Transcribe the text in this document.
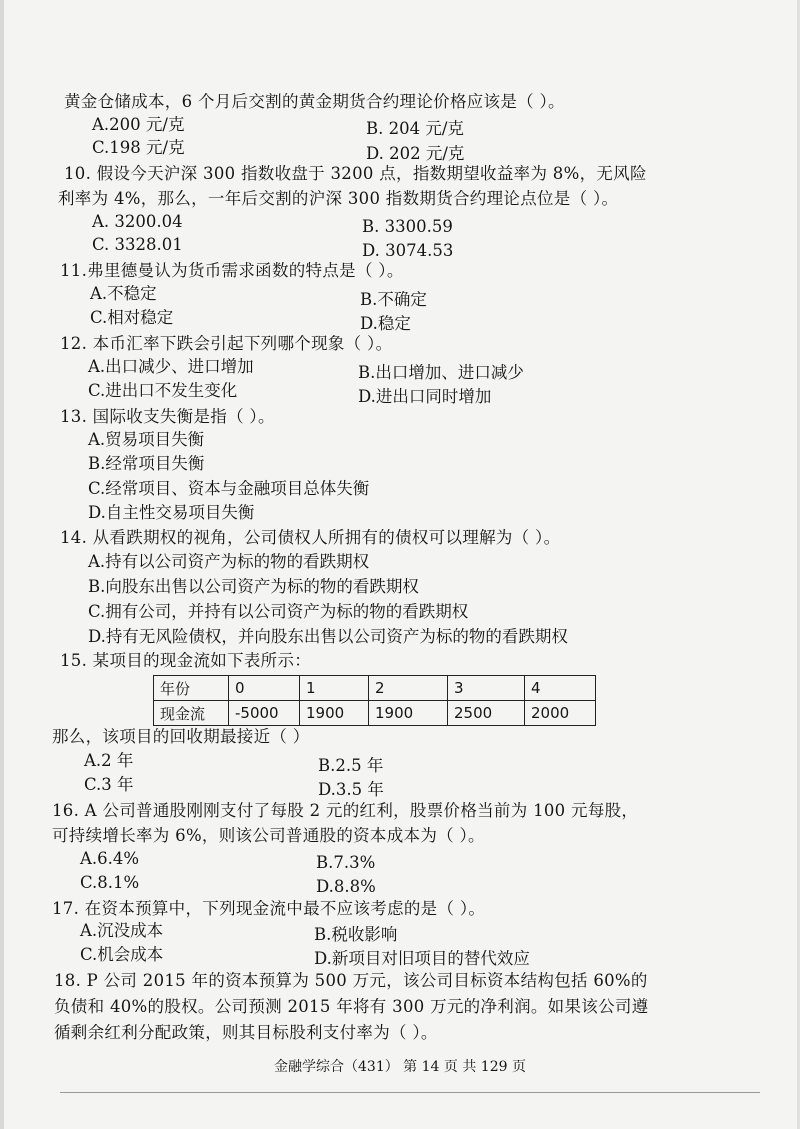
黄金仓储成本，6 个月后交割的黄金期货合约理论价格应该是（ ）。
A.200 元/克	B. 204 元/克
C.198 元/克	D. 202 元/克
10. 假设今天沪深 300 指数收盘于 3200 点，指数期望收益率为 8%，无风险
利率为 4%，那么，一年后交割的沪深 300 指数期货合约理论点位是（ ）。
A. 3200.04	B. 3300.59
C. 3328.01	D. 3074.53
11.弗里德曼认为货币需求函数的特点是（ ）。
A.不稳定	B.不确定
C.相对稳定	D.稳定
12. 本币汇率下跌会引起下列哪个现象（ ）。
A.出口减少、进口增加	B.出口增加、进口减少
C.进出口不发生变化	D.进出口同时增加
13. 国际收支失衡是指（ ）。
A.贸易项目失衡
B.经常项目失衡
C.经常项目、资本与金融项目总体失衡
D.自主性交易项目失衡
14. 从看跌期权的视角，公司债权人所拥有的债权可以理解为（ ）。
A.持有以公司资产为标的物的看跌期权
B.向股东出售以公司资产为标的物的看跌期权
C.拥有公司，并持有以公司资产为标的物的看跌期权
D.持有无风险债权，并向股东出售以公司资产为标的物的看跌期权
15. 某项目的现金流如下表所示：
年份	0	1	2	3	4
现金流	-5000	1900	1900	2500	2000
那么，该项目的回收期最接近（ ）
A.2 年	B.2.5 年
C.3 年	D.3.5 年
16. A 公司普通股刚刚支付了每股 2 元的红利，股票价格当前为 100 元每股，
可持续增长率为 6%，则该公司普通股的资本成本为（ ）。
A.6.4%	B.7.3%
C.8.1%	D.8.8%
17. 在资本预算中，下列现金流中最不应该考虑的是（ ）。
A.沉没成本	B.税收影响
C.机会成本	D.新项目对旧项目的替代效应
18. P 公司 2015 年的资本预算为 500 万元，该公司目标资本结构包括 60%的
负债和 40%的股权。公司预测 2015 年将有 300 万元的净利润。如果该公司遵
循剩余红利分配政策，则其目标股利支付率为（ ）。
金融学综合（431） 第 14 页 共 129 页
